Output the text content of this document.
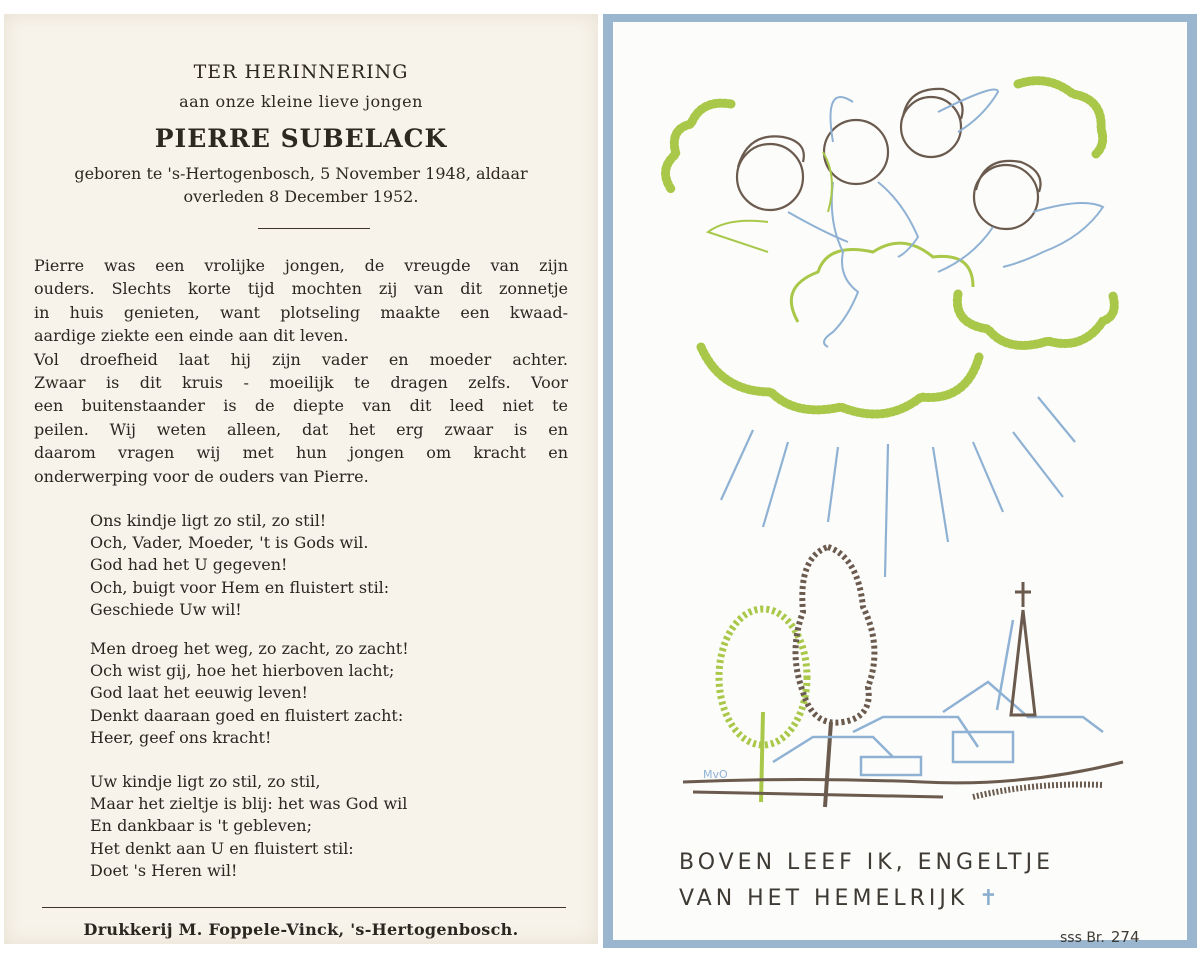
TER HERINNERING
aan onze kleine lieve jongen
PIERRE SUBELACK
geboren te 's-Hertogenbosch, 5 November 1948, aldaar
overleden 8 December 1952.
Pierre was een vrolijke jongen, de vreugde van zijn
ouders. Slechts korte tijd mochten zij van dit zonnetje
in huis genieten, want plotseling maakte een kwaad-
aardige ziekte een einde aan dit leven.
Vol droefheid laat hij zijn vader en moeder achter.
Zwaar is dit kruis - moeilijk te dragen zelfs. Voor
een buitenstaander is de diepte van dit leed niet te
peilen. Wij weten alleen, dat het erg zwaar is en
daarom vragen wij met hun jongen om kracht en
onderwerping voor de ouders van Pierre.
Ons kindje ligt zo stil, zo stil!
Och, Vader, Moeder, 't is Gods wil.
God had het U gegeven!
Och, buigt voor Hem en fluistert stil:
Geschiede Uw wil!
Men droeg het weg, zo zacht, zo zacht!
Och wist gij, hoe het hierboven lacht;
God laat het eeuwig leven!
Denkt daaraan goed en fluistert zacht:
Heer, geef ons kracht!
Uw kindje ligt zo stil, zo stil,
Maar het zieltje is blij: het was God wil
En dankbaar is 't gebleven;
Het denkt aan U en fluistert stil:
Doet 's Heren wil!
Drukkerij M. Foppele-Vinck, 's-Hertogenbosch.
MvO
BOVEN LEEF IK, ENGELTJE
VAN HET HEMELRIJK ✝
sss Br. 274
